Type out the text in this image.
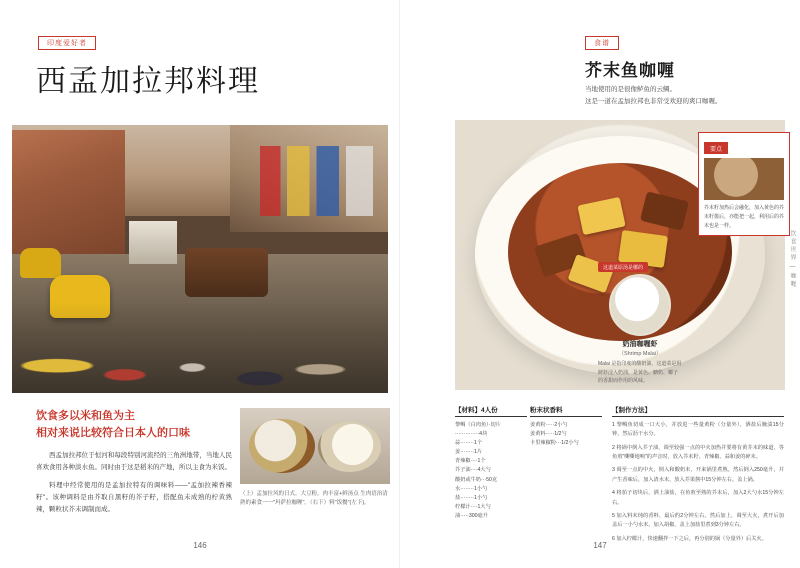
印度爱好者
西孟加拉邦料理
饮食多以米和鱼为主
相对来说比较符合日本人的口味

西孟加拉邦位于恒河和每段特别河流经的三角洲地带，当地人民喜欢食用各种淡水鱼。同时由于这是稻米的产地，所以主食为米饭。

料理中经常使用的是孟加拉特有的调味料——"孟加拉辣香辣籽"。该种调料是由芥取自黑籽的芥子籽，搭配鱼未成熟的柠黄熟辣，颗粒状芥末调制而成。

（上）孟加拉风的日式。大豆粉。肉丰富+鲜汤点 生肉语治清熟的素食一一"玛萨拉咖喱"。（右下）料"饭餐"(左下)。
146
食谱
芥末鱼咖喱
当地使用的是很像鲈鱼的云鲷。
这是一道在孟加拉邦也非常受欢迎的爽口咖喱。
要点
芥末籽加热后会融化，加入黄色的芥末籽酱后，亦能把一起，利用后的芥末也是一样。
这道菜原汤是哪的
奶油咖喱虾
（Shrimp Malai）
Malai 是指印度的酸奶油，这道菜是用鲜虾浸入奶油，是黄色、糖奶、椰子的香甜而作用的风味。
【材料】4人份
黎鲷（白肉鱼）·切片
··············4块
蒜········1个
姜········1片
青辣椒····1个
芥子油····4大勺
酸奶或牛奶···50克
水········1小勺
盐········1小勺
柠檬汁····1大勺
油·····300毫升
粉末状香料
姜黄粉·····2小勺
姜黄料·····1/2勺
卡里辣椒粉···1/2小勺
【制作方法】
1 黎鲷鱼切成一口大小，并放进一些量黄粉（分量外），洒盐后腌渍15分钟，然后沥干水分。
2 将锅中倒入芥子油，调至较强一点的中火加热并要将有黄芥末的味道，等鱼煎"嘶嘶地响"的声音时，放入芥末籽、青辣椒、蒜和姜的碎末。
3 调至一点的中火，倒入和酸奶末，开来锅里煮熟。然后倒入250毫升，并产生香味后，加入清水末，放入芥果酱中15分钟左右。盖上锅。
4 将茄子切块后，洒上油盐，在鱼煎至熟的芥末后，加入2大勺水15分钟左右。
5 加入料末炖的香料，最后约2分钟左右。然后加上，调至大火，煮开后加盖后一小勺水末。加入胡椒，盖上加盐里煮到3分钟左右。
6 加入柠檬汁，快速翻拌一下之后，再分别的锅（分量外）后关火。
饮食世界 | 咖喱
147
